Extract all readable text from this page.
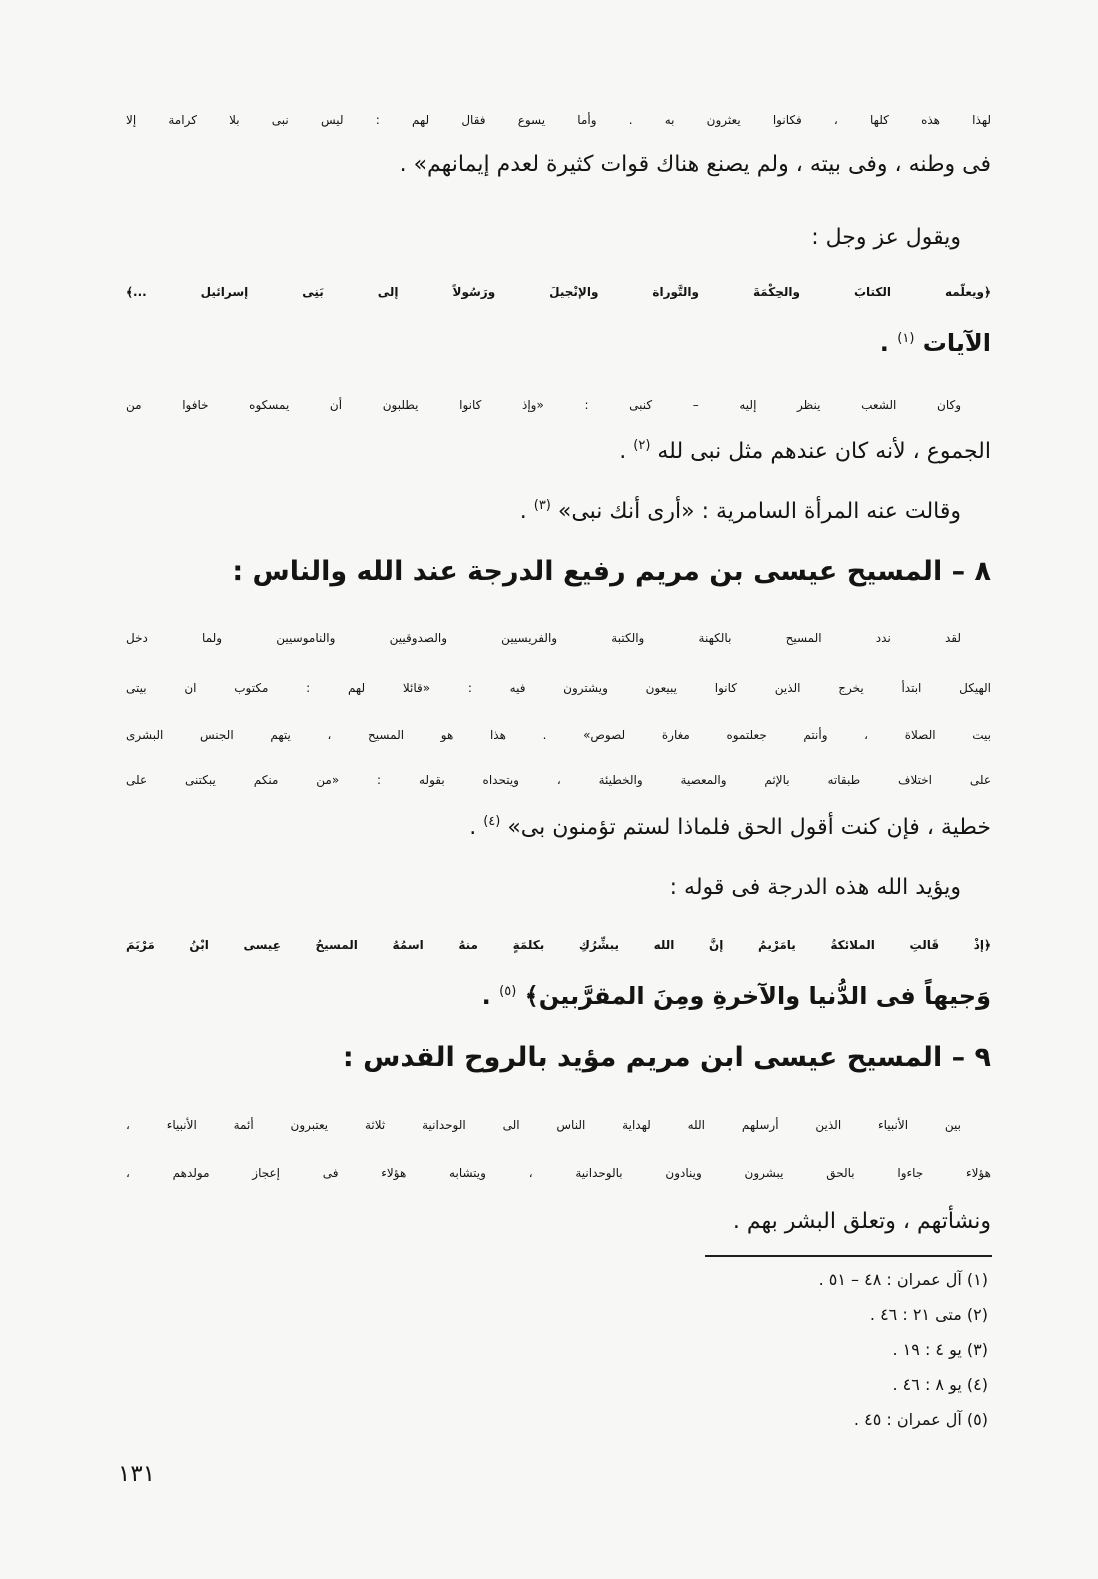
لهذا هذه كلها ، فكانوا يعثرون به . وأما يسوع فقال لهم : ليس نبى بلا كرامة إلا
فى وطنه ، وفى بيته ، ولم يصنع هناك قوات كثيرة لعدم إيمانهم» .
ويقول عز وجل :
﴿ويعلّمه الكتابَ والحِكْمَةَ والتَّوراة والإنْجيلَ ورَسُولاً إلى بَنِى إسرائيل ...﴾
الآيات $^{(١)}$ .
وكان الشعب ينظر إليه – كنبى : «وإذ كانوا يطلبون أن يمسكوه خافوا من
الجموع ، لأنه كان عندهم مثل نبى لله $^{(٢)}$ .
وقالت عنه المرأة السامرية : «أرى أنك نبى» $^{(٣)}$ .
٨ – المسيح عيسى بن مريم رفيع الدرجة عند الله والناس :
لقد ندد المسيح بالكهنة والكتبة والفريسيين والصدوقيين والناموسيين ولما دخل
الهيكل ابتدأ يخرج الذين كانوا يبيعون ويشترون فيه : «قائلا لهم : مكتوب ان بيتى
بيت الصلاة ، وأنتم جعلتموه مغارة لصوص» . هذا هو المسيح ، يتهم الجنس البشرى
على اختلاف طبقاته بالإثم والمعصية والخطيئة ، ويتحداه بقوله : «من منكم يبكتنى على
خطية ، فإن كنت أقول الحق فلماذا لستم تؤمنون بى» $^{(٤)}$ .
ويؤيد الله هذه الدرجة فى قوله :
﴿إذْ قَالتِ الملائكةُ يامَرْيمُ إنَّ الله يبشِّرُكِ بكلمَةٍ منهُ اسمُهُ المسيحُ عِيسى ابْنُ مَرْيَمَ
وَجيهاً فى الدُّنيا والآخرةِ ومِنَ المقرَّبين﴾ $^{(٥)}$ .
٩ – المسيح عيسى ابن مريم مؤيد بالروح القدس :
بين الأنبياء الذين أرسلهم الله لهداية الناس الى الوحدانية ثلاثة يعتبرون أئمة الأنبياء ،
هؤلاء جاءوا بالحق يبشرون وينادون بالوحدانية ، ويتشابه هؤلاء فى إعجاز مولدهم ،
ونشأتهم ، وتعلق البشر بهم .
(١) آل عمران : ٤٨ – ٥١ .
(٢) متى ٢١ : ٤٦ .
(٣) يو ٤ : ١٩ .
(٤) يو ٨ : ٤٦ .
(٥) آل عمران : ٤٥ .
١٣١
